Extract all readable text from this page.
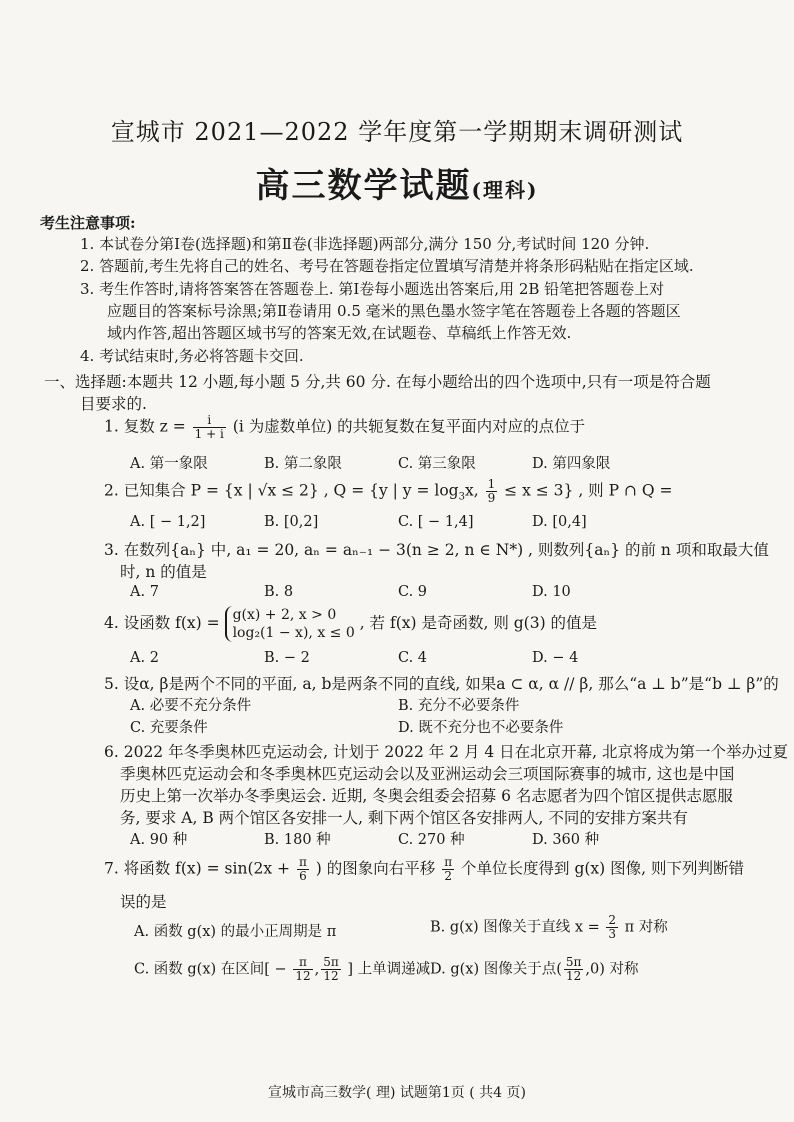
宣城市 2021—2022 学年度第一学期期末调研测试
高三数学试题(理科)
考生注意事项:
1. 本试卷分第Ⅰ卷(选择题)和第Ⅱ卷(非选择题)两部分,满分 150 分,考试时间 120 分钟.
2. 答题前,考生先将自己的姓名、考号在答题卷指定位置填写清楚并将条形码粘贴在指定区域.
3. 考生作答时,请将答案答在答题卷上. 第Ⅰ卷每小题选出答案后,用 2B 铅笔把答题卷上对
应题目的答案标号涂黑;第Ⅱ卷请用 0.5 毫米的黑色墨水签字笔在答题卷上各题的答题区
域内作答,超出答题区域书写的答案无效,在试题卷、草稿纸上作答无效.
4. 考试结束时,务必将答题卡交回.
一、选择题:本题共 12 小题,每小题 5 分,共 60 分. 在每小题给出的四个选项中,只有一项是符合题
目要求的.
1. 复数 $z = \frac{i}{1 + i} (i$ 为虚数单位) 的共轭复数在复平面内对应的点位于
A. 第一象限	B. 第二象限	C. 第三象限	D. 第四象限
2. 已知集合 P = {x | √x ≤ 2} , Q = {y | $y = \log_3x$, $\frac{1}{9} \le x \le 3$} , 则 P ∩ Q =
A. [ − 1,2]	B. [0,2]	C. [ − 1,4]	D. [0,4]
3. 在数列{aₙ} 中, a₁ = 20, aₙ = aₙ₋₁ − 3(n ≥ 2, n ∈ N*) , 则数列{aₙ} 的前 n 项和取最大值
时, n 的值是
A. 7	B. 8	C. 9	D. 10
4. 设函数 f(x) = g(x) + 2, x > 0
log₂(1 − x), x ≤ 0
, 若 f(x) 是奇函数, 则 g(3) 的值是
A. 2	B. − 2	C. 4	D. − 4
5. 设α, β是两个不同的平面, a, b是两条不同的直线, 如果a ⊂ α, α // β, 那么“a ⊥ b”是“b ⊥ β”的
A. 必要不充分条件	B. 充分不必要条件
C. 充要条件	D. 既不充分也不必要条件
6. 2022 年冬季奥林匹克运动会, 计划于 2022 年 2 月 4 日在北京开幕, 北京将成为第一个举办过夏
季奥林匹克运动会和冬季奥林匹克运动会以及亚洲运动会三项国际赛事的城市, 这也是中国
历史上第一次举办冬季奥运会. 近期, 冬奥会组委会招募 6 名志愿者为四个馆区提供志愿服
务, 要求 A, B 两个馆区各安排一人, 剩下两个馆区各安排两人, 不同的安排方案共有
A. 90 种	B. 180 种	C. 270 种	D. 360 种
7. 将函数 $f(x) = \sin(2x + \frac{\pi}{6}$ ) 的图象向右平移 $\frac{\pi}{2}$ 个单位长度得到 g(x) 图像, 则下列判断错
误的是
A. 函数 g(x) 的最小正周期是 π	B. g(x) 图像关于直线 $x = \frac{2}{3}$ π 对称
C. 函数 g(x) 在区间[ − $\frac{\pi}{12}$ , $\frac{5\pi}{12}$ ] 上单调递减 D. g(x) 图像关于点( $\frac{5\pi}{12} ,0$) 对称
宣城市高三数学( 理) 试题第1页 ( 共4 页)
